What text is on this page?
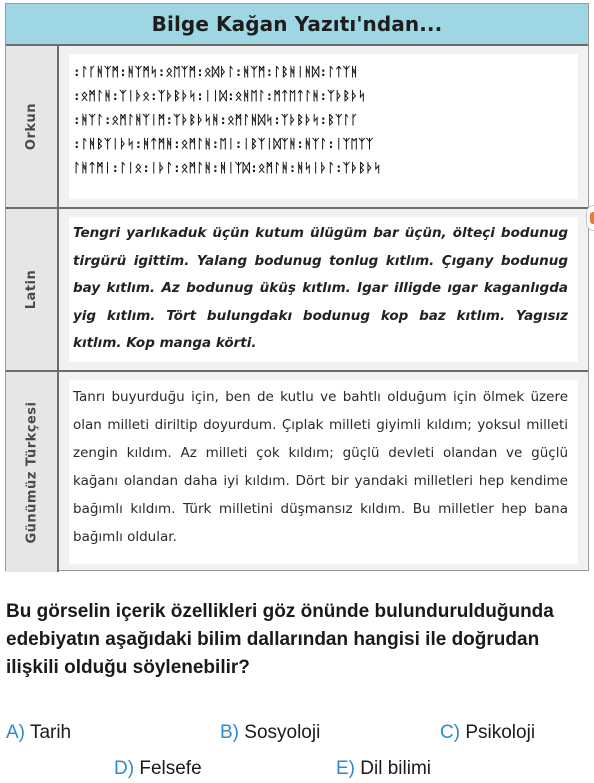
Bilge Kağan Yazıtı'ndan...
Orkun
:ᛚᚴᚻᛉᛗ:ᚻᛉᛗᛋ:ᛟᛖᛉᛗ:ᛟᛞᚦᛚ:ᚻᛉᛗ:ᛚᛒᚻᛁᚻᛞ:ᛚᛏᛉᚻ
:ᛟᛗᛚᚻ:ᛉᛁᚦᛟ:ᛉᚦᛒᚦᛋ:ᛁᛁᛞ:ᛟᚻᛖᛚ:ᛗᛏᛖᛏᛚᚻ:ᛉᚦᛒᚦᛋ
:ᚻᛉᛚ:ᛟᛗᛚᚻᛉᛁᛗ:ᛉᚦᛒᚦᛋᚻ:ᛟᛗᛚᚻᛞᛋ:ᛉᚦᛒᚦᛋ:ᛒᛉᛚᚴ
:ᛚᚻᛒᛉᛁᚦᛋ:ᚻᛏᛗᚻ:ᛟᛗᛚᚻ:ᛖᛁ:ᛁᛒᛉᛁᛞᛉᚻ:ᚻᛉᛚ:ᛁᛉᛖᛉᛉ
ᛚᚻᛏᛗᛁ:ᛚᛁᛟ:ᛁᚦᛚ:ᛟᛗᛚᚻ:ᚻᛁᛉᛞ:ᛟᛗᛚᚻ:ᚻᛋᛁᚦᛚ:ᛉᚦᛒᚦᛋ
Latin
Tengri yarlıkaduk üçün kutum ülügüm bar üçün, ölteçi bodunug tirgürü igittim. Yalang bodunug tonlug kıtlım. Çıgany bodunug bay kıtlım. Az bodunug üküş kıtlım. Igar illigde ıgar kaganlıgda yig kıtlım. Tört bulungdakı bodunug kop baz kıtlım. Yagısız kıtlım. Kop manga körti.
Günümüz Türkçesi
Tanrı buyurduğu için, ben de kutlu ve bahtlı olduğum için ölmek üzere olan milleti diriltip doyurdum. Çıplak milleti giyimli kıldım; yoksul milleti zengin kıldım. Az milleti çok kıldım; güçlü devleti olandan ve güçlü kağanı olandan daha iyi kıldım. Dört bir yandaki milletleri hep kendime bağımlı kıldım. Türk milletini düşmansız kıldım. Bu milletler hep bana bağımlı oldular.
Bu görselin içerik özellikleri göz önünde bulundurulduğunda edebiyatın aşağıdaki bilim dallarından hangisi ile doğrudan ilişkili olduğu söylenebilir?
A) Tarih	B) Sosyoloji	C) Psikoloji
D) Felsefe	E) Dil bilimi
